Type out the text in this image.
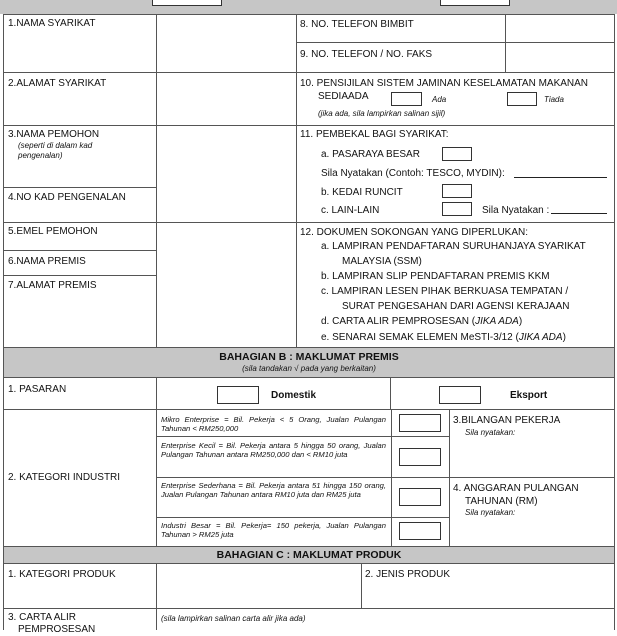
1.NAMA SYARIKAT
2.ALAMAT SYARIKAT
3.NAMA PEMOHON
(seperti di dalam kad
pengenalan)
4.NO KAD PENGENALAN
5.EMEL PEMOHON
6.NAMA PREMIS
7.ALAMAT PREMIS
8. NO. TELEFON BIMBIT
9. NO. TELEFON / NO. FAKS
10. PENSIJILAN SISTEM JAMINAN KESELAMATAN MAKANAN
SEDIAADA	Ada	Tiada
(jika ada, sila lampirkan salinan sijil)
11. PEMBEKAL BAGI SYARIKAT:
a. PASARAYA BESAR
Sila Nyatakan (Contoh: TESCO, MYDIN):
b. KEDAI RUNCIT
c. LAIN-LAIN	Sila Nyatakan :
12. DOKUMEN SOKONGAN YANG DIPERLUKAN:
a. LAMPIRAN PENDAFTARAN SURUHANJAYA SYARIKAT
MALAYSIA (SSM)
b. LAMPIRAN SLIP PENDAFTARAN PREMIS KKM
c. LAMPIRAN LESEN PIHAK BERKUASA TEMPATAN /
SURAT PENGESAHAN DARI AGENSI KERAJAAN
d. CARTA ALIR PEMPROSESAN (JIKA ADA)
e. SENARAI SEMAK ELEMEN MeSTI-3/12 (JIKA ADA)
BAHAGIAN B : MAKLUMAT PREMIS
(sila tandakan √ pada yang berkaitan)
1. PASARAN
Domestik	Eksport
2. KATEGORI INDUSTRI
Mikro Enterprise = Bil. Pekerja < 5 Orang, Jualan Pulangan Tahunan < RM250,000
Enterprise Kecil = Bil. Pekerja antara 5 hingga 50 orang, Jualan Pulangan Tahunan antara RM250,000 dan < RM10 juta
Enterprise Sederhana = Bil. Pekerja antara 51 hingga 150 orang, Jualan Pulangan Tahunan antara RM10 juta dan RM25 juta
Industri Besar = Bil. Pekerja= 150 pekerja, Jualan Pulangan Tahunan > RM25 juta
3.BILANGAN PEKERJA
Sila nyatakan:
4. ANGGARAN PULANGAN
TAHUNAN (RM)
Sila nyatakan:
BAHAGIAN C : MAKLUMAT PRODUK
1. KATEGORI PRODUK	2. JENIS PRODUK
3. CARTA ALIR
PEMPROSESAN
(sila lampirkan salinan carta alir jika ada)
